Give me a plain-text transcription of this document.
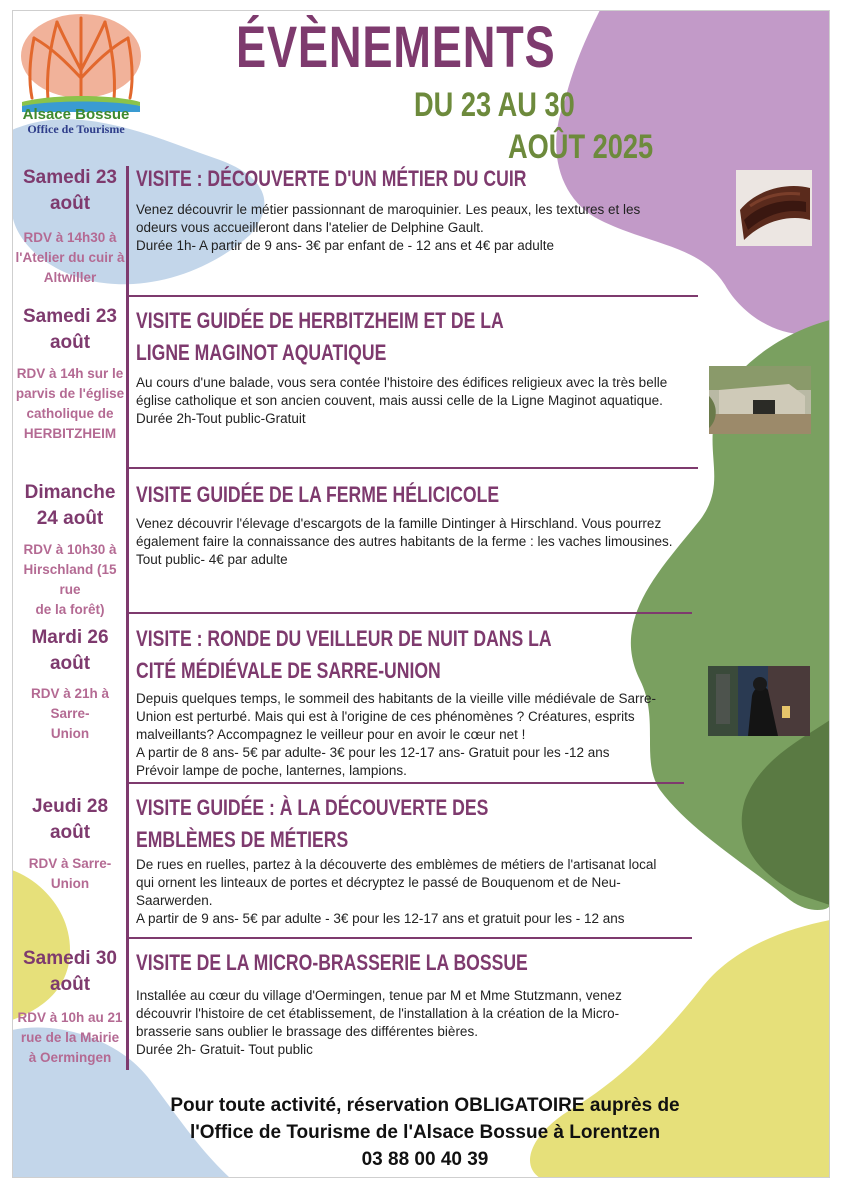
Alsace Bossue
Office de Tourisme
ÉVÈNEMENTS
DU 23 AU 30
AOÛT 2025
Samedi 23
août
RDV à 14h30 à
l'Atelier du cuir à
Altwiller
VISITE : DÉCOUVERTE D'UN MÉTIER DU CUIR
Venez découvrir le métier passionnant de maroquinier. Les peaux, les textures et les
odeurs vous accueilleront dans l'atelier de Delphine Gault.
Durée 1h- A partir de 9 ans- 3€ par enfant de - 12 ans et 4€ par adulte
Samedi 23
août
RDV à 14h sur le
parvis de l'église
catholique de
HERBITZHEIM
VISITE GUIDÉE DE HERBITZHEIM ET DE LA
LIGNE MAGINOT AQUATIQUE
Au cours d'une balade, vous sera contée l'histoire des édifices religieux avec la très belle
église catholique et son ancien couvent, mais aussi celle de la Ligne Maginot aquatique.
Durée 2h-Tout public-Gratuit
Dimanche
24 août
RDV à 10h30 à
Hirschland (15 rue
de la forêt)
VISITE GUIDÉE DE LA FERME HÉLICICOLE
Venez découvrir l'élevage d'escargots de la famille Dintinger à Hirschland. Vous pourrez
également faire la connaissance des autres habitants de la ferme : les vaches limousines.
Tout public- 4€ par adulte
Mardi 26
août
RDV à 21h à Sarre-
Union
VISITE : RONDE DU VEILLEUR DE NUIT DANS LA
CITÉ MÉDIÉVALE DE SARRE-UNION
Depuis quelques temps, le sommeil des habitants de la vieille ville médiévale de Sarre-
Union est perturbé. Mais qui est à l'origine de ces phénomènes ? Créatures, esprits
malveillants? Accompagnez le veilleur pour en avoir le cœur net !
A partir de 8 ans- 5€ par adulte- 3€ pour les 12-17 ans- Gratuit pour les -12 ans
Prévoir lampe de poche, lanternes, lampions.
Jeudi 28
août
RDV à Sarre-Union
VISITE GUIDÉE : À LA DÉCOUVERTE DES
EMBLÈMES DE MÉTIERS
De rues en ruelles, partez à la découverte des emblèmes de métiers de l'artisanat local
qui ornent les linteaux de portes et décryptez le passé de Bouquenom et de Neu-
Saarwerden.
A partir de 9 ans- 5€ par adulte - 3€ pour les 12-17 ans et gratuit pour les - 12 ans
Samedi 30
août
RDV à 10h au 21
rue de la Mairie
à Oermingen
VISITE DE LA MICRO-BRASSERIE LA BOSSUE
Installée au cœur du village d'Oermingen, tenue par M et Mme Stutzmann, venez
découvrir l'histoire de cet établissement, de l'installation à la création de la Micro-
brasserie sans oublier le brassage des différentes bières.
Durée 2h- Gratuit- Tout public
Pour toute activité, réservation OBLIGATOIRE auprès de
l'Office de Tourisme de l'Alsace Bossue à Lorentzen
03 88 00 40 39
